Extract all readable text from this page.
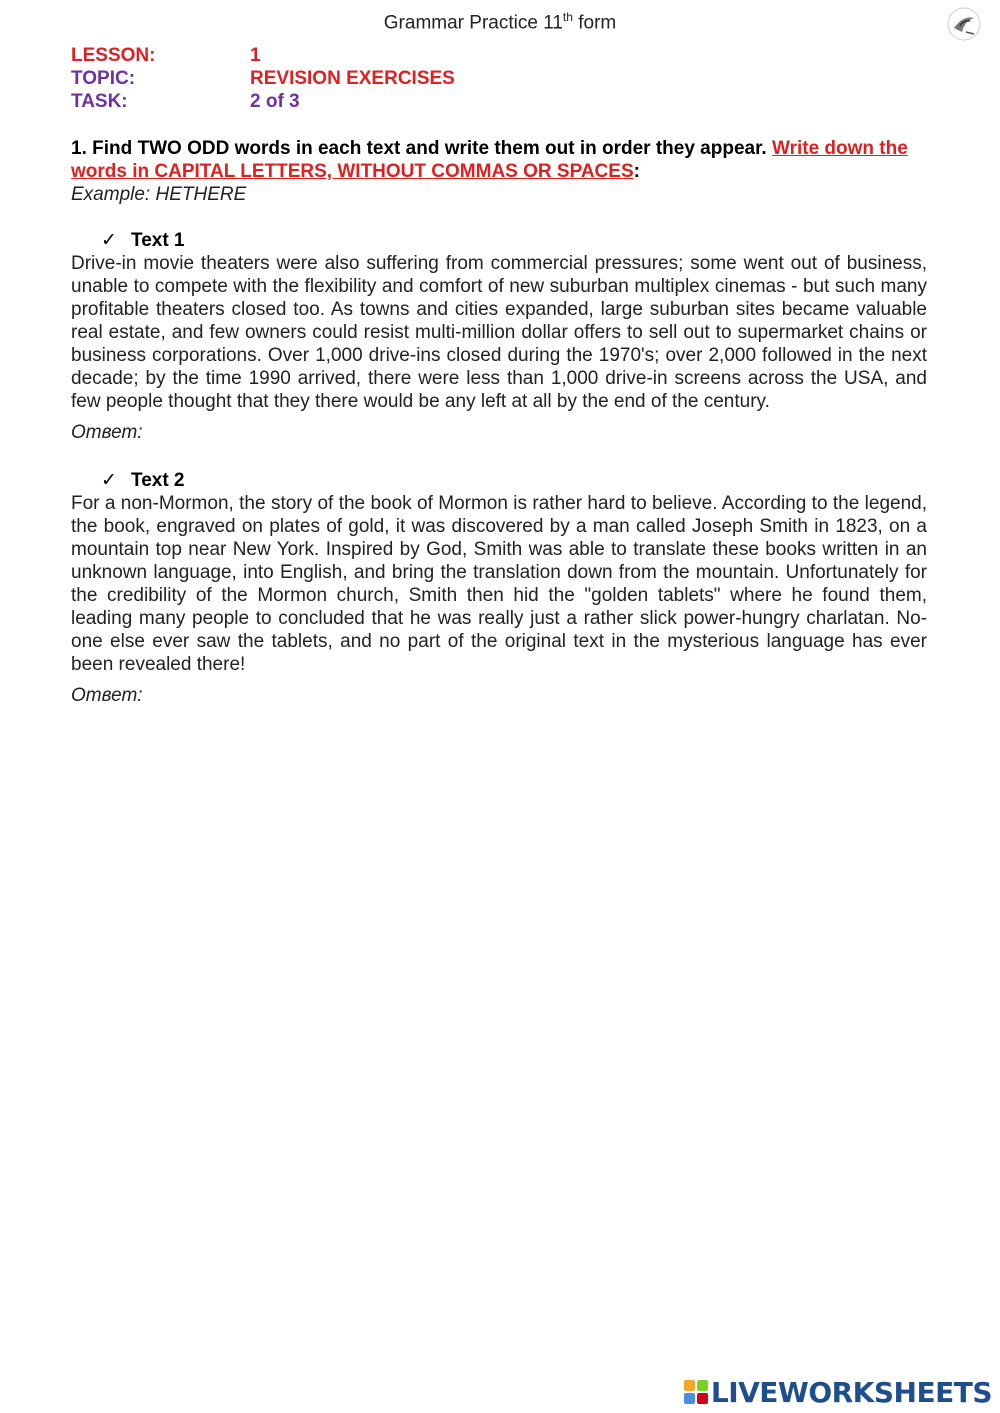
Grammar Practice 11th form
LESSON:	1
TOPIC:	REVISION EXERCISES
TASK:	2 of 3
1. Find TWO ODD words in each text and write them out in order they appear. Write down the words in CAPITAL LETTERS, WITHOUT COMMAS OR SPACES:
Example: HETHERE
✓ Text 1
Drive-in movie theaters were also suffering from commercial pressures; some went out of business, unable to compete with the flexibility and comfort of new suburban multiplex cinemas - but such many profitable theaters closed too. As towns and cities expanded, large suburban sites became valuable real estate, and few owners could resist multi-million dollar offers to sell out to supermarket chains or business corporations. Over 1,000 drive-ins closed during the 1970's; over 2,000 followed in the next decade; by the time 1990 arrived, there were less than 1,000 drive-in screens across the USA, and few people thought that they there would be any left at all by the end of the century.
Ответ:
✓ Text 2
For a non-Mormon, the story of the book of Mormon is rather hard to believe. According to the legend, the book, engraved on plates of gold, it was discovered by a man called Joseph Smith in 1823, on a mountain top near New York. Inspired by God, Smith was able to translate these books written in an unknown language, into English, and bring the translation down from the mountain. Unfortunately for the credibility of the Mormon church, Smith then hid the "golden tablets" where he found them, leading many people to concluded that he was really just a rather slick power-hungry charlatan. No-one else ever saw the tablets, and no part of the original text in the mysterious language has ever been revealed there!
Ответ:
LIVEWORKSHEETS
